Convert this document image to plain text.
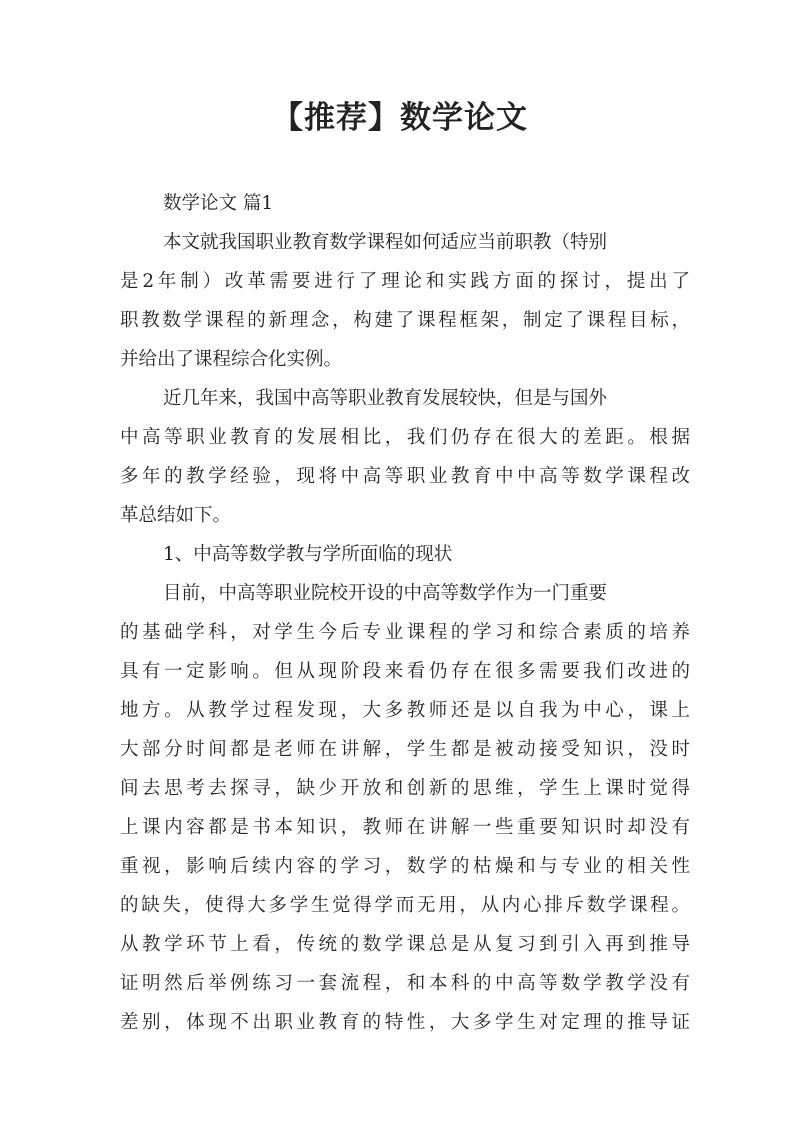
【推荐】数学论文
数学论文 篇1
本文就我国职业教育数学课程如何适应当前职教（特别
是2年制）改革需要进行了理论和实践方面的探讨，提出了
职教数学课程的新理念，构建了课程框架，制定了课程目标，
并给出了课程综合化实例。
近几年来，我国中高等职业教育发展较快，但是与国外
中高等职业教育的发展相比，我们仍存在很大的差距。根据
多年的教学经验，现将中高等职业教育中中高等数学课程改
革总结如下。
1、中高等数学教与学所面临的现状
目前，中高等职业院校开设的中高等数学作为一门重要
的基础学科，对学生今后专业课程的学习和综合素质的培养
具有一定影响。但从现阶段来看仍存在很多需要我们改进的
地方。从教学过程发现，大多教师还是以自我为中心，课上
大部分时间都是老师在讲解，学生都是被动接受知识，没时
间去思考去探寻，缺少开放和创新的思维，学生上课时觉得
上课内容都是书本知识，教师在讲解一些重要知识时却没有
重视，影响后续内容的学习，数学的枯燥和与专业的相关性
的缺失，使得大多学生觉得学而无用，从内心排斥数学课程。
从教学环节上看，传统的数学课总是从复习到引入再到推导
证明然后举例练习一套流程，和本科的中高等数学教学没有
差别，体现不出职业教育的特性，大多学生对定理的推导证
